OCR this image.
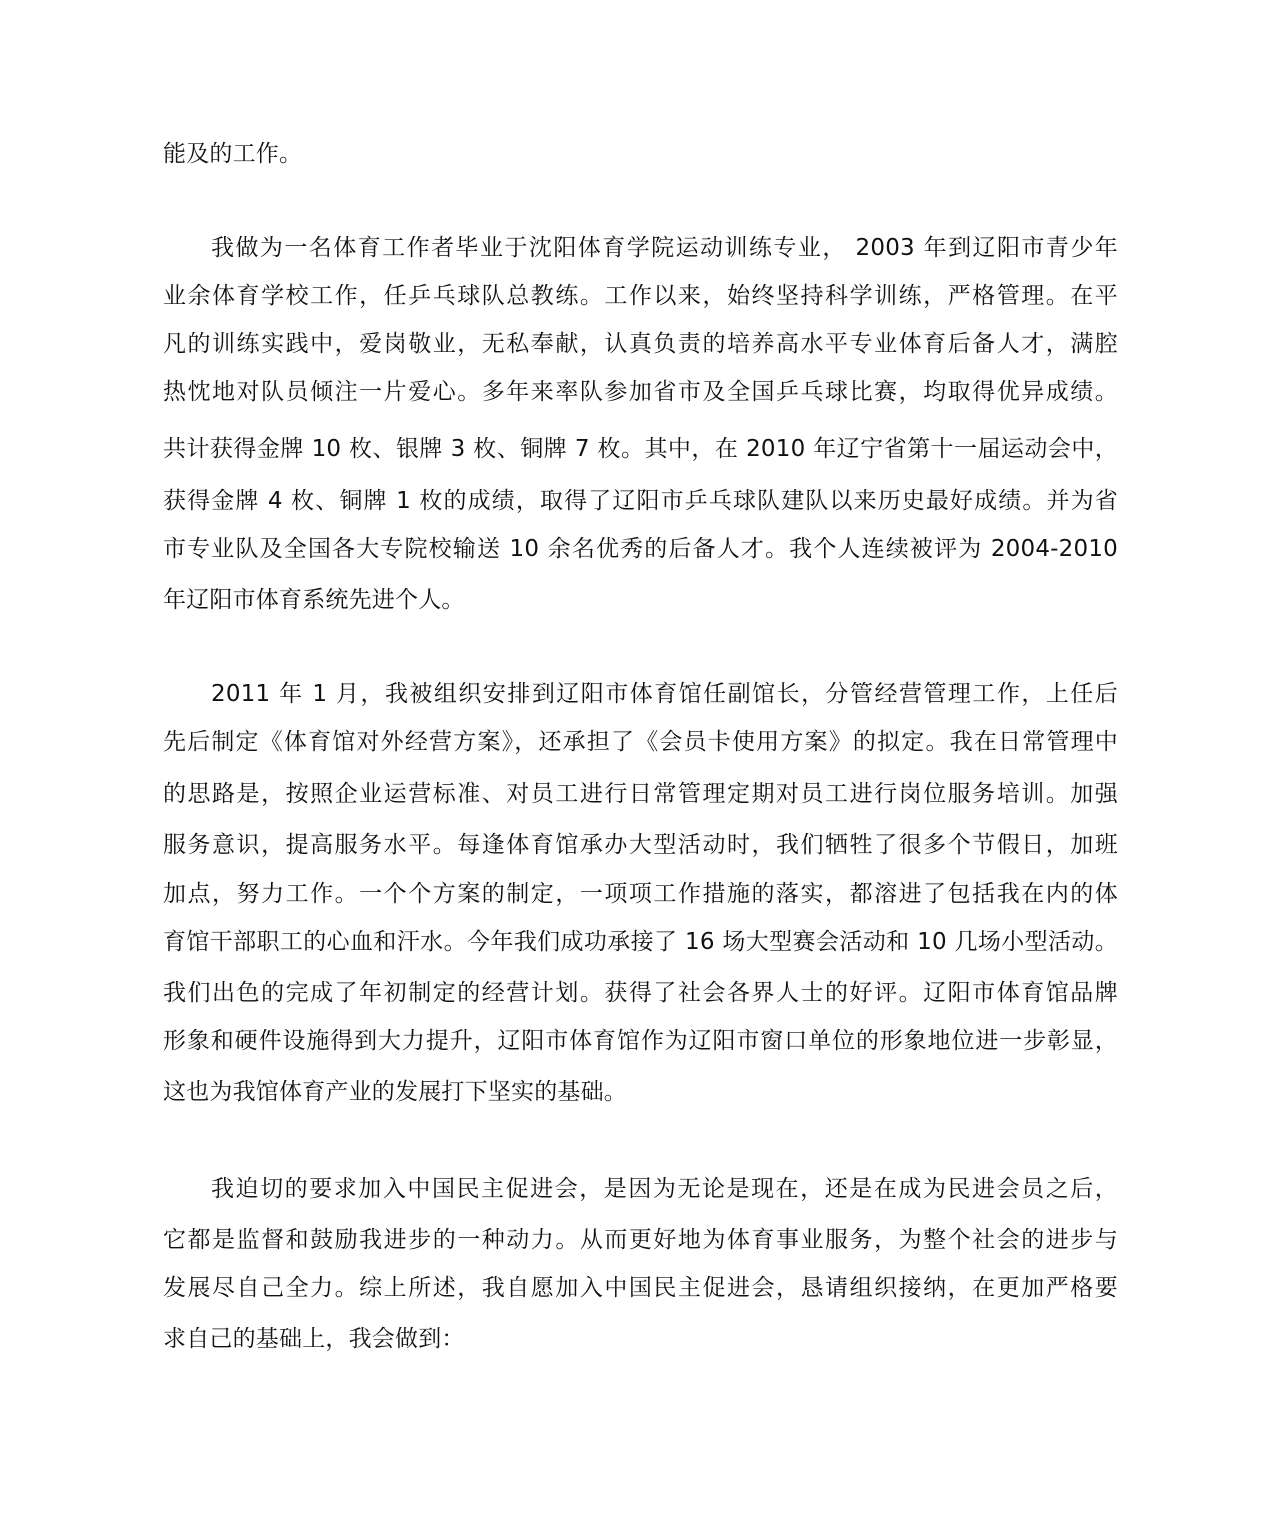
能及的工作。
我做为一名体育工作者毕业于沈阳体育学院运动训练专业， 2003 年到辽阳市青少年
业余体育学校工作，任乒乓球队总教练。工作以来，始终坚持科学训练，严格管理。在平
凡的训练实践中，爱岗敬业，无私奉献，认真负责的培养高水平专业体育后备人才，满腔
热忱地对队员倾注一片爱心。多年来率队参加省市及全国乒乓球比赛，均取得优异成绩。
共计获得金牌 10 枚、银牌 3 枚、铜牌 7 枚。其中，在 2010 年辽宁省第十一届运动会中，
获得金牌 4 枚、铜牌 1 枚的成绩，取得了辽阳市乒乓球队建队以来历史最好成绩。并为省
市专业队及全国各大专院校输送 10 余名优秀的后备人才。我个人连续被评为 2004-2010
年辽阳市体育系统先进个人。
2011 年 1 月，我被组织安排到辽阳市体育馆任副馆长，分管经营管理工作，上任后
先后制定《体育馆对外经营方案》，还承担了《会员卡使用方案》的拟定。我在日常管理中
的思路是，按照企业运营标准、对员工进行日常管理定期对员工进行岗位服务培训。加强
服务意识，提高服务水平。每逢体育馆承办大型活动时，我们牺牲了很多个节假日，加班
加点，努力工作。一个个方案的制定，一项项工作措施的落实，都溶进了包括我在内的体
育馆干部职工的心血和汗水。今年我们成功承接了 16 场大型赛会活动和 10 几场小型活动。
我们出色的完成了年初制定的经营计划。获得了社会各界人士的好评。辽阳市体育馆品牌
形象和硬件设施得到大力提升，辽阳市体育馆作为辽阳市窗口单位的形象地位进一步彰显，
这也为我馆体育产业的发展打下坚实的基础。
我迫切的要求加入中国民主促进会，是因为无论是现在，还是在成为民进会员之后，
它都是监督和鼓励我进步的一种动力。从而更好地为体育事业服务，为整个社会的进步与
发展尽自己全力。综上所述，我自愿加入中国民主促进会，恳请组织接纳，在更加严格要
求自己的基础上，我会做到：
